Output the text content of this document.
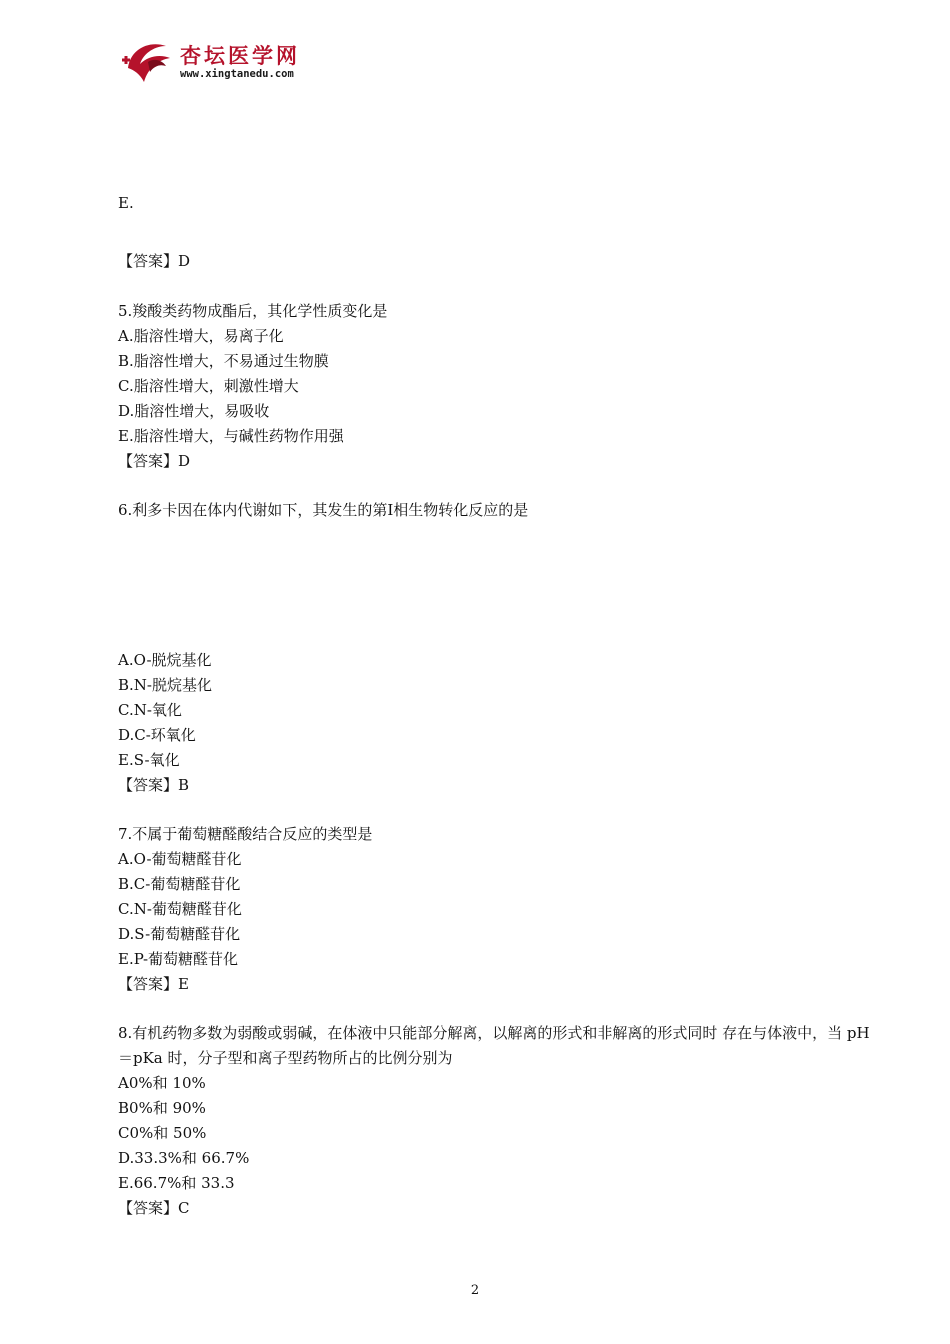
杏坛医学网
www.xingtanedu.com
E.
【答案】D
5.羧酸类药物成酯后，其化学性质变化是
A.脂溶性增大，易离子化
B.脂溶性增大，不易通过生物膜
C.脂溶性增大，刺激性增大
D.脂溶性增大，易吸收
E.脂溶性增大，与碱性药物作用强
【答案】D
6.利多卡因在体内代谢如下，其发生的第Ⅰ相生物转化反应的是
A.O-脱烷基化
B.N-脱烷基化
C.N-氧化
D.C-环氧化
E.S-氧化
【答案】B
7.不属于葡萄糖醛酸结合反应的类型是
A.O-葡萄糖醛苷化
B.C-葡萄糖醛苷化
C.N-葡萄糖醛苷化
D.S-葡萄糖醛苷化
E.P-葡萄糖醛苷化
【答案】E
8.有机药物多数为弱酸或弱碱，在体液中只能部分解离，以解离的形式和非解离的形式同时 存在与体液中，当 pH＝pKa 时，分子型和离子型药物所占的比例分别为
A0%和 10%
B0%和 90%
C0%和 50%
D.33.3%和 66.7%
E.66.7%和 33.3
【答案】C
2
